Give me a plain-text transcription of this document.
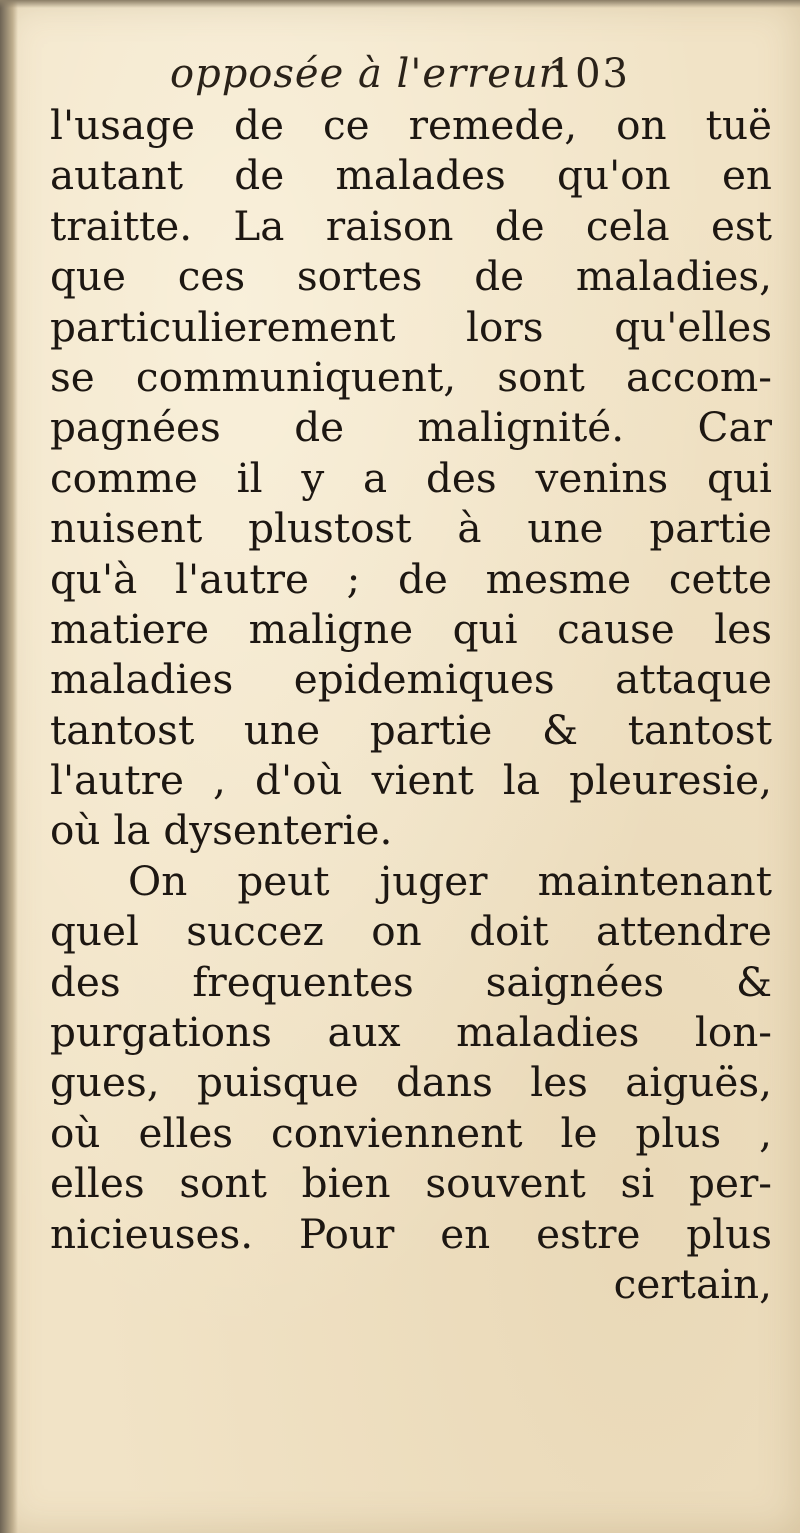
opposée à l'erreur.
103
l'usage de ce remede, on tuë
autant de malades qu'on en
traitte. La raison de cela est
que ces sortes de maladies,
particulierement lors qu'elles
se communiquent, sont accom-
pagnées de malignité. Car
comme il y a des venins qui
nuisent plustost à une partie
qu'à l'autre ; de mesme cette
matiere maligne qui cause les
maladies epidemiques attaque
tantost une partie & tantost
l'autre , d'où vient la pleuresie,
où la dysenterie.
On peut juger maintenant
quel succez on doit attendre
des frequentes saignées &
purgations aux maladies lon-
gues, puisque dans les aiguës,
où elles conviennent le plus ,
elles sont bien souvent si per-
nicieuses. Pour en estre plus
certain,
